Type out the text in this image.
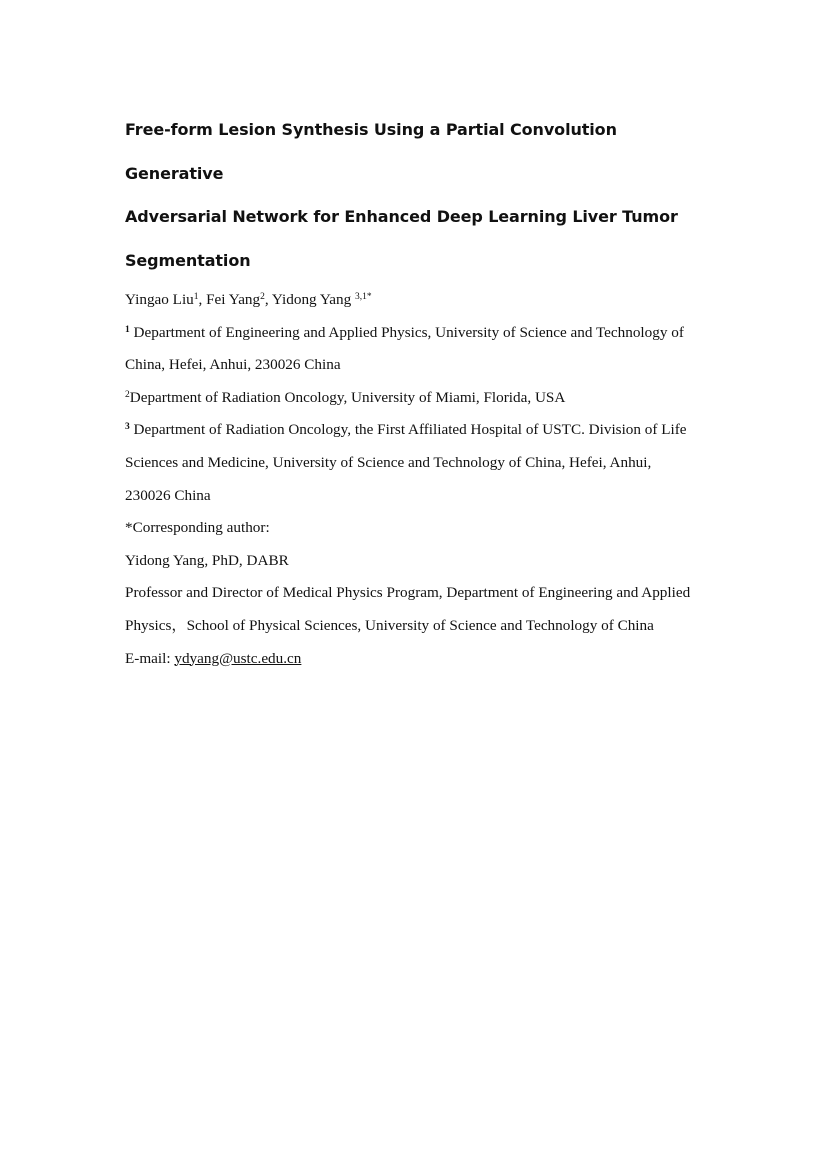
Free-form Lesion Synthesis Using a Partial Convolution Generative

Adversarial Network for Enhanced Deep Learning Liver Tumor

Segmentation

Yingao Liu$^1$, Fei Yang$^2$, Yidong Yang $^{3,1*}$

$^1$ Department of Engineering and Applied Physics, University of Science and Technology of

China, Hefei, Anhui, 230026 China

$^2$Department of Radiation Oncology, University of Miami, Florida, USA

$^3$ Department of Radiation Oncology, the First Affiliated Hospital of USTC. Division of Life

Sciences and Medicine, University of Science and Technology of China, Hefei, Anhui,

230026 China

*Corresponding author:

Yidong Yang, PhD, DABR

Professor and Director of Medical Physics Program, Department of Engineering and Applied

Physics，School of Physical Sciences, University of Science and Technology of China

E-mail: ydyang@ustc.edu.cn
